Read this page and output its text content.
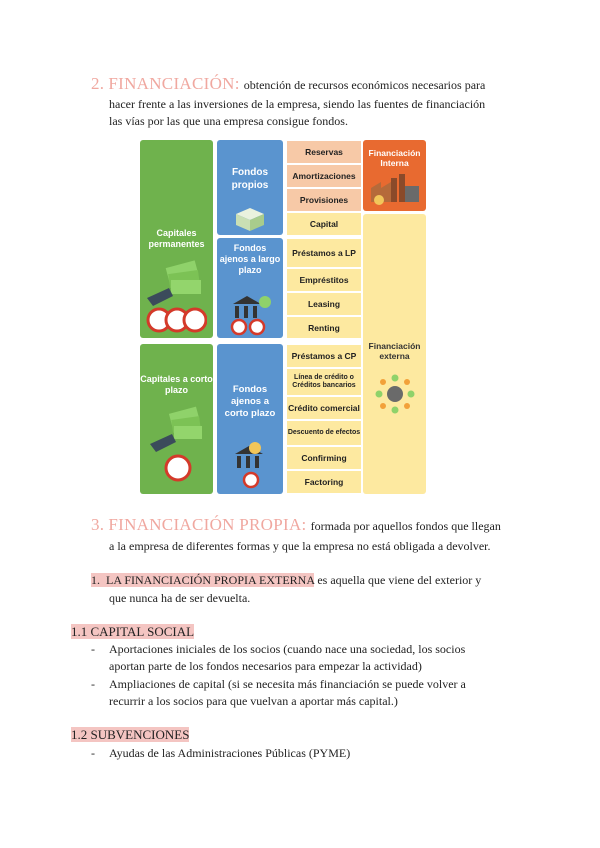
2. FINANCIACIÓN: obtención de recursos económicos necesarios para
hacer frente a las inversiones de la empresa, siendo las fuentes de financiación
las vías por las que una empresa consigue fondos.
Capitales permanentes
Capitales a corto plazo
Fondos propios
Fondos ajenos a largo plazo
Fondos ajenos a corto plazo
Reservas
Amortizaciones
Provisiones
Capital
Préstamos a LP
Empréstitos
Leasing
Renting
Préstamos a CP
Línea de crédito o Créditos bancarios
Crédito comercial
Descuento de efectos
Confirming
Factoring
Financiación Interna
Financiación externa
3. FINANCIACIÓN PROPIA: formada por aquellos fondos que llegan
a la empresa de diferentes formas y que la empresa no está obligada a devolver.
1. LA FINANCIACIÓN PROPIA EXTERNA es aquella que viene del exterior y
que nunca ha de ser devuelta.
1.1 CAPITAL SOCIAL
- Aportaciones iniciales de los socios (cuando nace una sociedad, los socios
aportan parte de los fondos necesarios para empezar la actividad)
- Ampliaciones de capital (si se necesita más financiación se puede volver a
recurrir a los socios para que vuelvan a aportar más capital.)
1.2 SUBVENCIONES
- Ayudas de las Administraciones Públicas (PYME)
